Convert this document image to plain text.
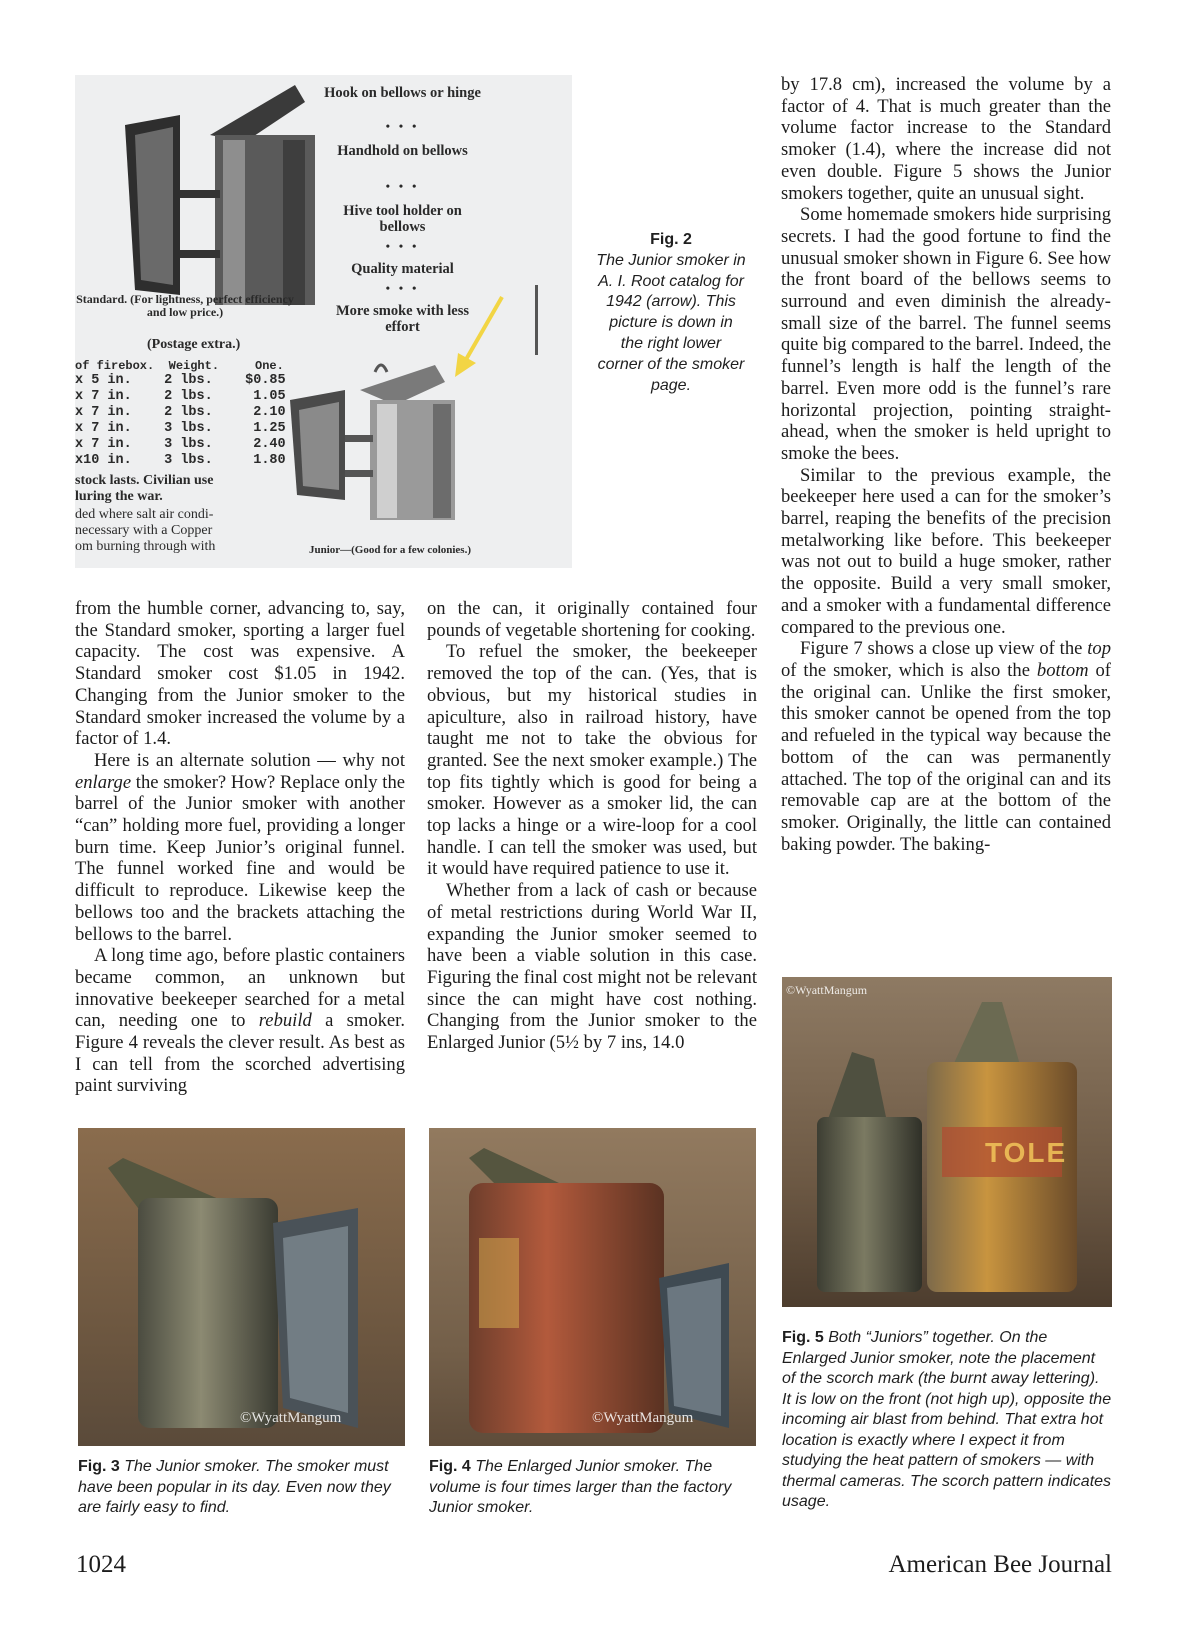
Hook on bellows or hinge
• • •
Handhold on bellows
• • •
Hive tool holder on bellows
• • •
Quality material
• • •
More smoke with less effort
Standard. (For lightness, perfect efficiency and low price.)
(Postage extra.)
of firebox.  Weight.     One.
x 5 in.    2 lbs.    $0.85
x 7 in.    2 lbs.     1.05
x 7 in.    2 lbs.     2.10
x 7 in.    3 lbs.     1.25
x 7 in.    3 lbs.     2.40
x10 in.    3 lbs.     1.80
stock lasts. Civilian use
luring the war.
ded where salt air condi-
necessary with a Copper
om burning through with	Junior—(Good for a few colonies.)
Fig. 2
The Junior smoker in A. I. Root catalog for 1942 (arrow). This picture is down in the right lower corner of the smoker page.

from the humble corner, advancing to, say, the Standard smoker, sporting a larger fuel capacity. The cost was expensive. A Standard smoker cost $1.05 in 1942. Changing from the Junior smoker to the Standard smoker increased the volume by a factor of 1.4.

Here is an alternate solution — why not enlarge the smoker? How? Replace only the barrel of the Junior smoker with another “can” holding more fuel, providing a longer burn time. Keep Junior’s original funnel. The funnel worked fine and would be difficult to reproduce. Likewise keep the bellows too and the brackets attaching the bellows to the barrel.

A long time ago, before plastic containers became common, an unknown but innovative beekeeper searched for a metal can, needing one to rebuild a smoker. Figure 4 reveals the clever result. As best as I can tell from the scorched advertising paint surviving

on the can, it originally contained four pounds of vegetable shortening for cooking.

To refuel the smoker, the beekeeper removed the top of the can. (Yes, that is obvious, but my historical studies in apiculture, also in railroad history, have taught me not to take the obvious for granted. See the next smoker example.) The top fits tightly which is good for being a smoker. However as a smoker lid, the can top lacks a hinge or a wire-loop for a cool handle. I can tell the smoker was used, but it would have required patience to use it.

Whether from a lack of cash or because of metal restrictions during World War II, expanding the Junior smoker seemed to have been a viable solution in this case. Figuring the final cost might not be relevant since the can might have cost nothing. Changing from the Junior smoker to the Enlarged Junior (5½ by 7 ins, 14.0

by 17.8 cm), increased the volume by a factor of 4. That is much greater than the volume factor increase to the Standard smoker (1.4), where the increase did not even double. Figure 5 shows the Junior smokers together, quite an unusual sight.

Some homemade smokers hide surprising secrets. I had the good fortune to find the unusual smoker shown in Figure 6. See how the front board of the bellows seems to surround and even diminish the already-small size of the barrel. The funnel seems quite big compared to the barrel. Indeed, the funnel’s length is half the length of the barrel. Even more odd is the funnel’s rare horizontal projection, pointing straight-ahead, when the smoker is held upright to smoke the bees.

Similar to the previous example, the beekeeper here used a can for the smoker’s barrel, reaping the benefits of the precision metalworking like before. This beekeeper was not out to build a huge smoker, rather the opposite. Build a very small smoker, and a smoker with a fundamental difference compared to the previous one.

Figure 7 shows a close up view of the top of the smoker, which is also the bottom of the original can. Unlike the first smoker, this smoker cannot be opened from the top and refueled in the typical way because the bottom of the can was permanently attached. The top of the original can and its removable cap are at the bottom of the smoker. Originally, the little can contained baking powder. The baking-

TOLE
©WyattMangum
Fig. 5 Both “Juniors” together. On the Enlarged Junior smoker, note the placement of the scorch mark (the burnt away lettering). It is low on the front (not high up), opposite the incoming air blast from behind. That extra hot location is exactly where I expect it from studying the heat pattern of smokers — with thermal cameras. The scorch pattern indicates usage.
©WyattMangum
Fig. 3 The Junior smoker. The smoker must have been popular in its day. Even now they are fairly easy to find.
©WyattMangum
Fig. 4 The Enlarged Junior smoker. The volume is four times larger than the factory Junior smoker.
1024	American Bee Journal
